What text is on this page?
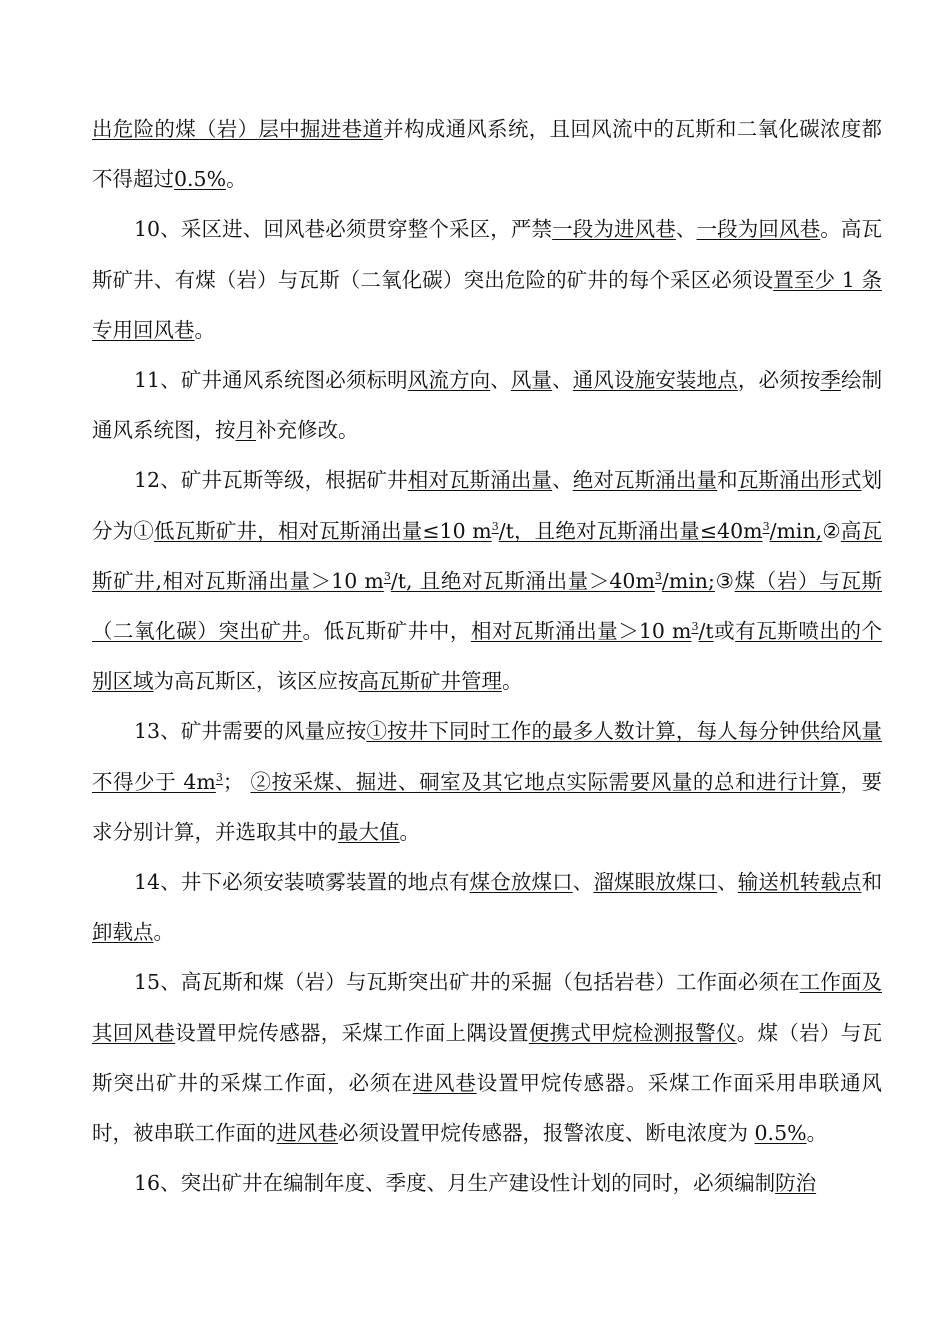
出危险的煤（岩）层中掘进巷道并构成通风系统，且回风流中的瓦斯和二氧化碳浓度都不得超过0.5%。

10、采区进、回风巷必须贯穿整个采区，严禁一段为进风巷、一段为回风巷。高瓦斯矿井、有煤（岩）与瓦斯（二氧化碳）突出危险的矿井的每个采区必须设置至少 1 条专用回风巷。

11、矿井通风系统图必须标明风流方向、风量、通风设施安装地点，必须按季绘制通风系统图，按月补充修改。

12、矿井瓦斯等级，根据矿井相对瓦斯涌出量、绝对瓦斯涌出量和瓦斯涌出形式划分为①低瓦斯矿井，相对瓦斯涌出量≤10 $m^3/t$，且绝对瓦斯涌出量$\le 40m^3/\min,②$高瓦斯矿井,相对瓦斯涌出量＞10 $m^3/t$, 且绝对瓦斯涌出量$>40m^3/\min;③$煤（岩）与瓦斯（二氧化碳）突出矿井。低瓦斯矿井中，相对瓦斯涌出量＞10 $m^3/t$或有瓦斯喷出的个别区域为高瓦斯区，该区应按高瓦斯矿井管理。

13、矿井需要的风量应按①按井下同时工作的最多人数计算，每人每分钟供给风量不得少于 $4m^3$； ②按采煤、掘进、硐室及其它地点实际需要风量的总和进行计算，要求分别计算，并选取其中的最大值。

14、井下必须安装喷雾装置的地点有煤仓放煤口、溜煤眼放煤口、输送机转载点和卸载点。

15、高瓦斯和煤（岩）与瓦斯突出矿井的采掘（包括岩巷）工作面必须在工作面及其回风巷设置甲烷传感器，采煤工作面上隅设置便携式甲烷检测报警仪。煤（岩）与瓦斯突出矿井的采煤工作面，必须在进风巷设置甲烷传感器。采煤工作面采用串联通风时，被串联工作面的进风巷必须设置甲烷传感器，报警浓度、断电浓度为 0.5%。

16、突出矿井在编制年度、季度、月生产建设性计划的同时，必须编制防治
